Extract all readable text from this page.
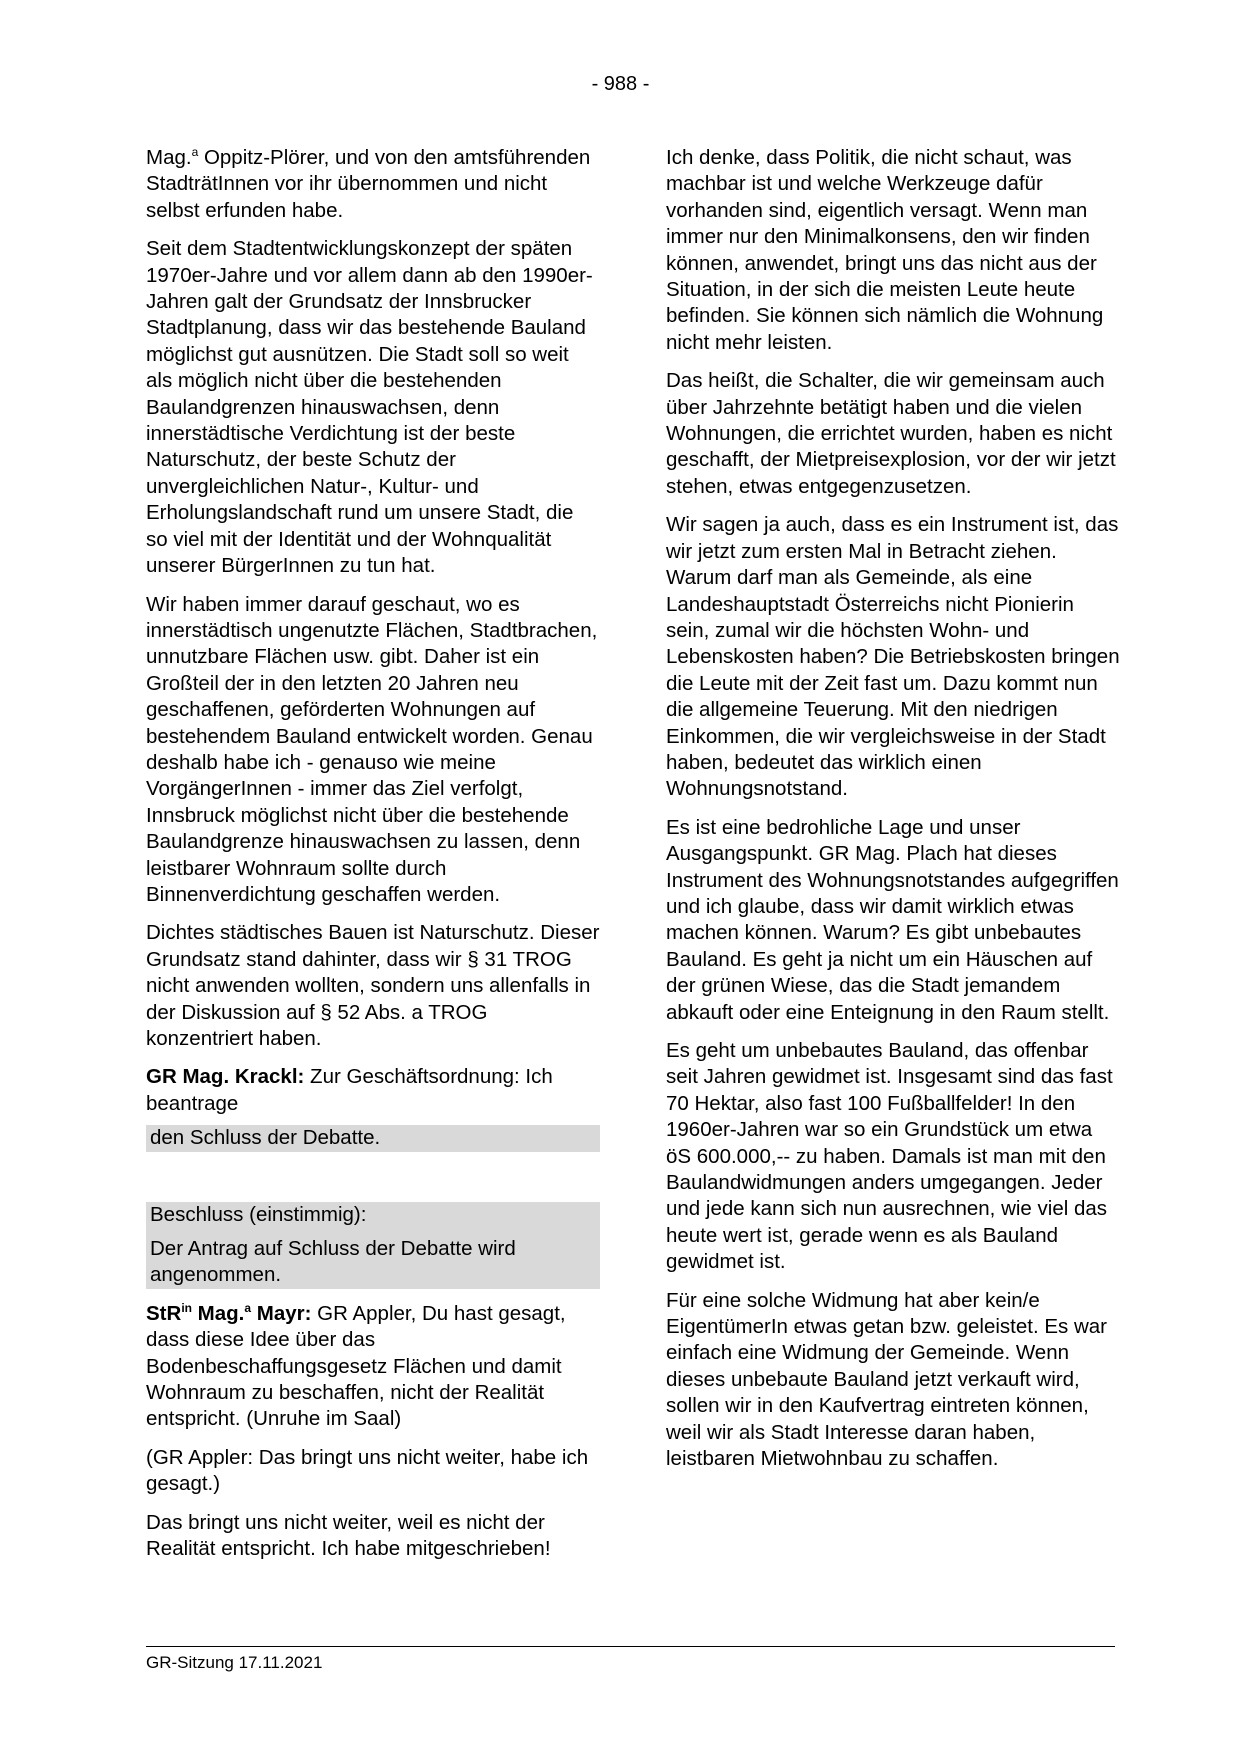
- 988 -

Mag.$^a$ Oppitz-Plörer, und von den amtsführenden StadträtInnen vor ihr übernommen und nicht selbst erfunden habe.

Seit dem Stadtentwicklungskonzept der späten 1970er-Jahre und vor allem dann ab den 1990er-Jahren galt der Grundsatz der Innsbrucker Stadtplanung, dass wir das bestehende Bauland möglichst gut ausnützen. Die Stadt soll so weit als möglich nicht über die bestehenden Baulandgrenzen hinauswachsen, denn innerstädtische Verdichtung ist der beste Naturschutz, der beste Schutz der unvergleichlichen Natur-, Kultur- und Erholungslandschaft rund um unsere Stadt, die so viel mit der Identität und der Wohnqualität unserer BürgerInnen zu tun hat.

Wir haben immer darauf geschaut, wo es innerstädtisch ungenutzte Flächen, Stadtbrachen, unnutzbare Flächen usw. gibt. Daher ist ein Großteil der in den letzten 20 Jahren neu geschaffenen, geförderten Wohnungen auf bestehendem Bauland entwickelt worden. Genau deshalb habe ich - genauso wie meine VorgängerInnen - immer das Ziel verfolgt, Innsbruck möglichst nicht über die bestehende Baulandgrenze hinauswachsen zu lassen, denn leistbarer Wohnraum sollte durch Binnenverdichtung geschaffen werden.

Dichtes städtisches Bauen ist Naturschutz. Dieser Grundsatz stand dahinter, dass wir § 31 TROG nicht anwenden wollten, sondern uns allenfalls in der Diskussion auf § 52 Abs. a TROG konzentriert haben.

GR Mag. Krackl: Zur Geschäftsordnung: Ich beantrage

den Schluss der Debatte.

Beschluss (einstimmig):

Der Antrag auf Schluss der Debatte wird angenommen.

StR$^{in}$ Mag.$^a$ Mayr: GR Appler, Du hast gesagt, dass diese Idee über das Bodenbeschaffungsgesetz Flächen und damit Wohnraum zu beschaffen, nicht der Realität entspricht. (Unruhe im Saal)

(GR Appler: Das bringt uns nicht weiter, habe ich gesagt.)

Das bringt uns nicht weiter, weil es nicht der Realität entspricht. Ich habe mitgeschrieben!

Ich denke, dass Politik, die nicht schaut, was machbar ist und welche Werkzeuge dafür vorhanden sind, eigentlich versagt. Wenn man immer nur den Minimalkonsens, den wir finden können, anwendet, bringt uns das nicht aus der Situation, in der sich die meisten Leute heute befinden. Sie können sich nämlich die Wohnung nicht mehr leisten.

Das heißt, die Schalter, die wir gemeinsam auch über Jahrzehnte betätigt haben und die vielen Wohnungen, die errichtet wurden, haben es nicht geschafft, der Mietpreisexplosion, vor der wir jetzt stehen, etwas entgegenzusetzen.

Wir sagen ja auch, dass es ein Instrument ist, das wir jetzt zum ersten Mal in Betracht ziehen. Warum darf man als Gemeinde, als eine Landeshauptstadt Österreichs nicht Pionierin sein, zumal wir die höchsten Wohn- und Lebenskosten haben? Die Betriebskosten bringen die Leute mit der Zeit fast um. Dazu kommt nun die allgemeine Teuerung. Mit den niedrigen Einkommen, die wir vergleichsweise in der Stadt haben, bedeutet das wirklich einen Wohnungsnotstand.

Es ist eine bedrohliche Lage und unser Ausgangspunkt. GR Mag. Plach hat dieses Instrument des Wohnungsnotstandes aufgegriffen und ich glaube, dass wir damit wirklich etwas machen können. Warum? Es gibt unbebautes Bauland. Es geht ja nicht um ein Häuschen auf der grünen Wiese, das die Stadt jemandem abkauft oder eine Enteignung in den Raum stellt.

Es geht um unbebautes Bauland, das offenbar seit Jahren gewidmet ist. Insgesamt sind das fast 70 Hektar, also fast 100 Fußballfelder! In den 1960er-Jahren war so ein Grundstück um etwa öS 600.000,-- zu haben. Damals ist man mit den Baulandwidmungen anders umgegangen. Jeder und jede kann sich nun ausrechnen, wie viel das heute wert ist, gerade wenn es als Bauland gewidmet ist.

Für eine solche Widmung hat aber kein/e EigentümerIn etwas getan bzw. geleistet. Es war einfach eine Widmung der Gemeinde. Wenn dieses unbebaute Bauland jetzt verkauft wird, sollen wir in den Kaufvertrag eintreten können, weil wir als Stadt Interesse daran haben, leistbaren Mietwohnbau zu schaffen.

GR-Sitzung 17.11.2021
